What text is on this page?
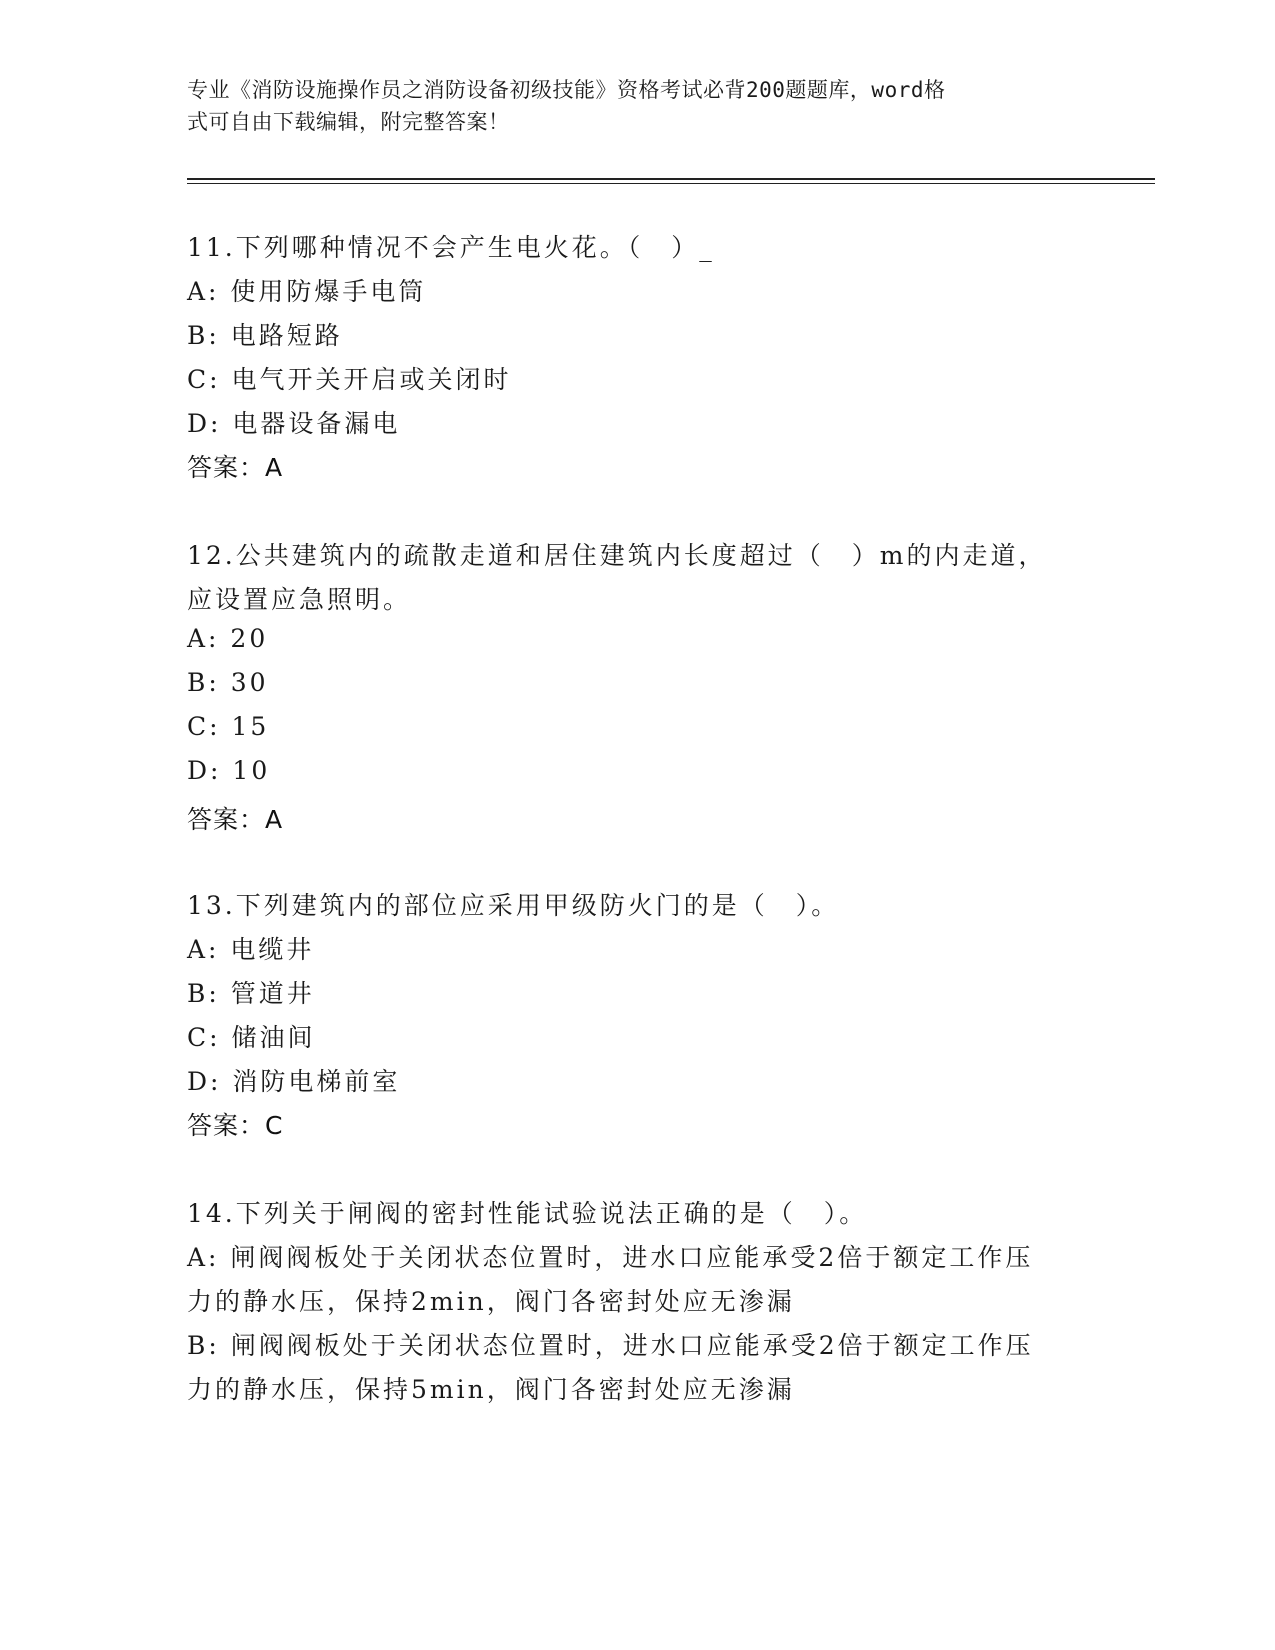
专业《消防设施操作员之消防设备初级技能》资格考试必背200题题库，word格
式可自由下载编辑，附完整答案！
11.下列哪种情况不会产生电火花。（　）_
A: 使用防爆手电筒
B: 电路短路
C: 电气开关开启或关闭时
D: 电器设备漏电
答案：A
12.公共建筑内的疏散走道和居住建筑内长度超过（　）m的内走道，
应设置应急照明。
A: 20
B: 30
C: 15
D: 10
答案：A
13.下列建筑内的部位应采用甲级防火门的是（　）。
A: 电缆井
B: 管道井
C: 储油间
D: 消防电梯前室
答案：C
14.下列关于闸阀的密封性能试验说法正确的是（　）。
A: 闸阀阀板处于关闭状态位置时，进水口应能承受2倍于额定工作压
力的静水压，保持2min，阀门各密封处应无渗漏
B: 闸阀阀板处于关闭状态位置时，进水口应能承受2倍于额定工作压
力的静水压，保持5min，阀门各密封处应无渗漏
